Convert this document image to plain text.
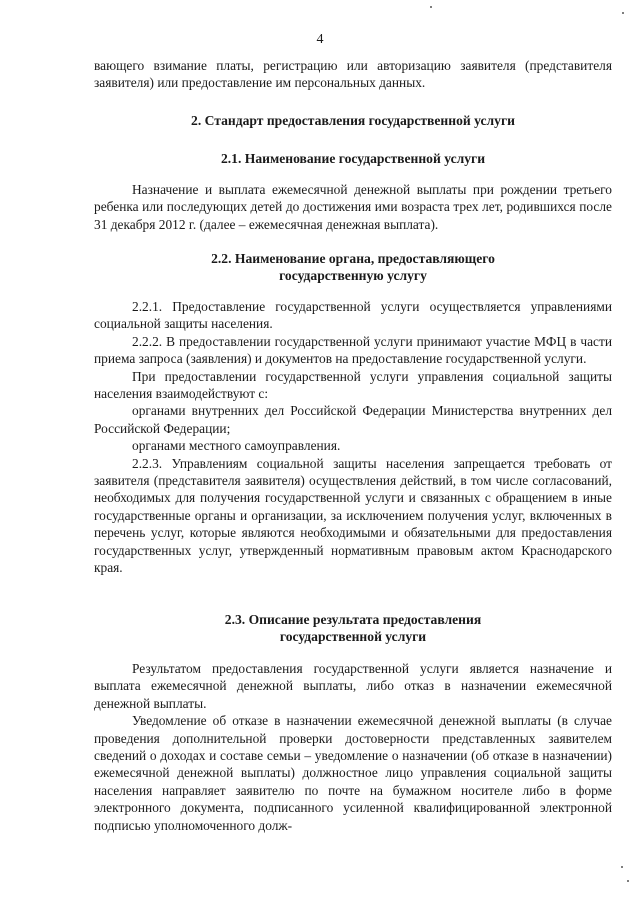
4

вающего взимание платы, регистрацию или авторизацию заявителя (представителя заявителя) или предоставление им персональных данных.

2. Стандарт предоставления государственной услуги
2.1. Наименование государственной услуги

Назначение и выплата ежемесячной денежной выплаты при рождении третьего ребенка или последующих детей до достижения ими возраста трех лет, родившихся после 31 декабря 2012 г. (далее – ежемесячная денежная выплата).

2.2. Наименование органа, предоставляющего
государственную услугу

2.2.1. Предоставление государственной услуги осуществляется управлениями социальной защиты населения.

2.2.2. В предоставлении государственной услуги принимают участие МФЦ в части приема запроса (заявления) и документов на предоставление государственной услуги.

При предоставлении государственной услуги управления социальной защиты населения взаимодействуют с:

органами внутренних дел Российской Федерации Министерства внутренних дел Российской Федерации;

органами местного самоуправления.

2.2.3. Управлениям социальной защиты населения запрещается требовать от заявителя (представителя заявителя) осуществления действий, в том числе согласований, необходимых для получения государственной услуги и связанных с обращением в иные государственные органы и организации, за исключением получения услуг, включенных в перечень услуг, которые являются необходимыми и обязательными для предоставления государственных услуг, утвержденный нормативным правовым актом Краснодарского края.

2.3. Описание результата предоставления
государственной услуги

Результатом предоставления государственной услуги является назначение и выплата ежемесячной денежной выплаты, либо отказ в назначении ежемесячной денежной выплаты.

Уведомление об отказе в назначении ежемесячной денежной выплаты (в случае проведения дополнительной проверки достоверности представленных заявителем сведений о доходах и составе семьи – уведомление о назначении (об отказе в назначении) ежемесячной денежной выплаты) должностное лицо управления социальной защиты населения направляет заявителю по почте на бумажном носителе либо в форме электронного документа, подписанного усиленной квалифицированной электронной подписью уполномоченного долж-
